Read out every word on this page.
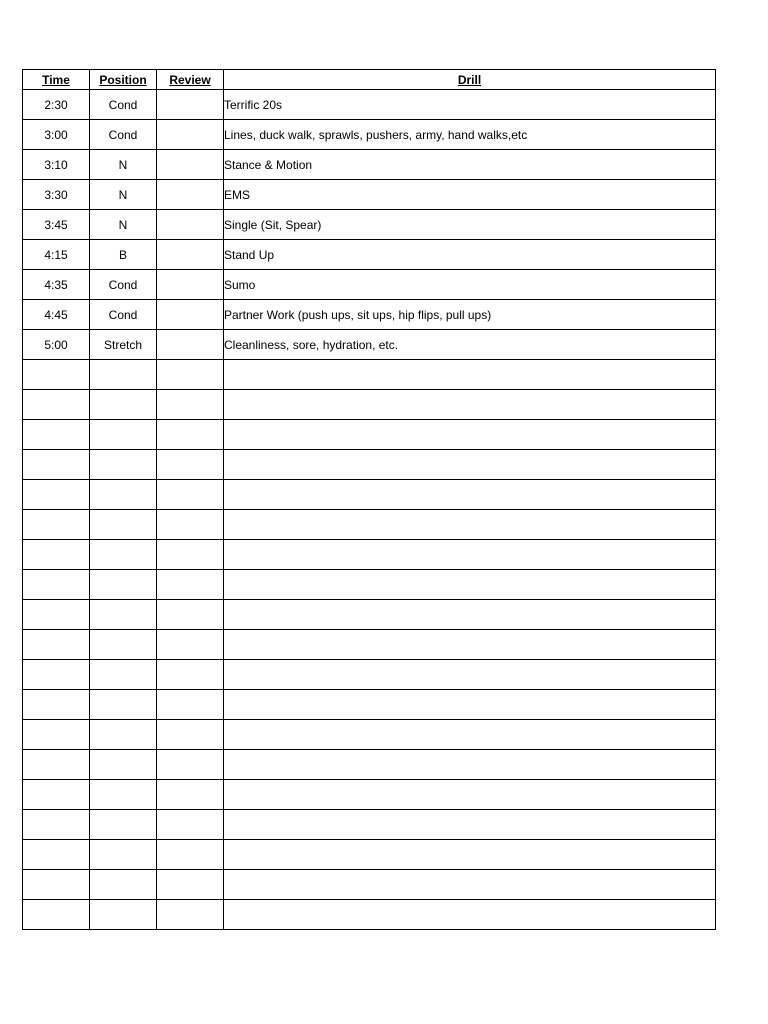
Time	Position	Review	Drill
2:30	Cond		Terrific 20s
3:00	Cond		Lines, duck walk, sprawls, pushers, army, hand walks,etc
3:10	N		Stance & Motion
3:30	N		EMS
3:45	N		Single (Sit, Spear)
4:15	B		Stand Up
4:35	Cond		Sumo
4:45	Cond		Partner Work (push ups, sit ups, hip flips, pull ups)
5:00	Stretch		Cleanliness, sore, hydration, etc.
